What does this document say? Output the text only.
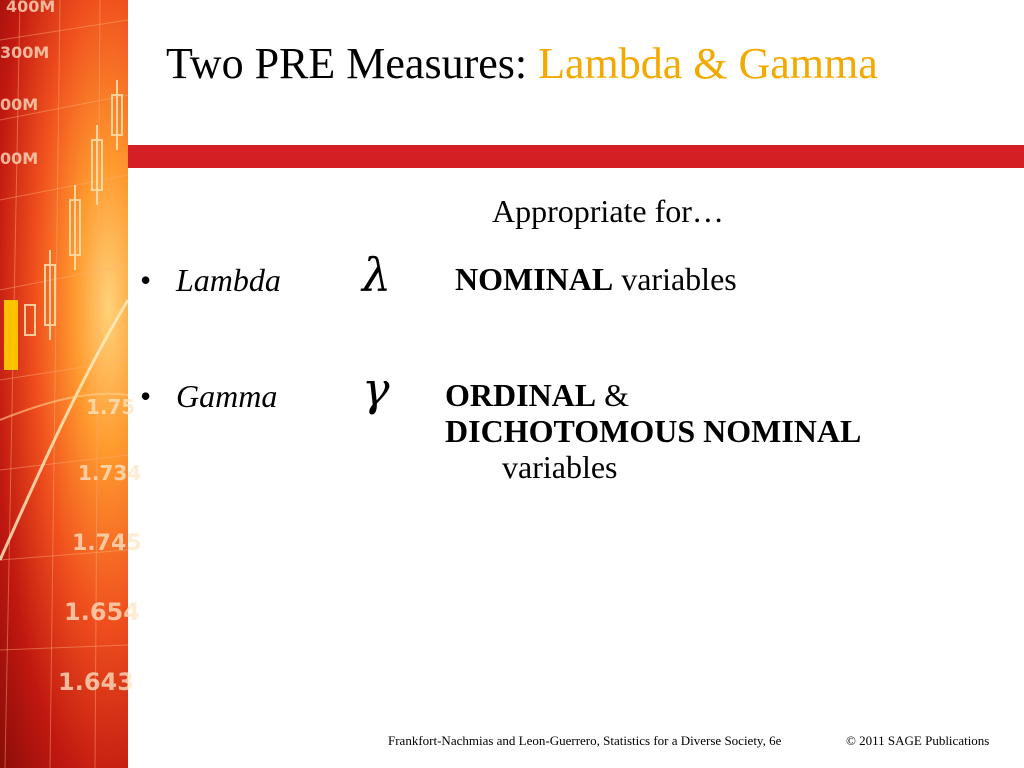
400M
300M
00M
00M
1.75
1.734
1.745
1.654
1.643
Two PRE Measures: Lambda & Gamma
Appropriate for…
• Lambda λ NOMINAL variables
• Gamma γ ORDINAL &
DICHOTOMOUS NOMINAL
variables
Frankfort-Nachmias and Leon-Guerrero, Statistics for a Diverse Society, 6e	© 2011 SAGE Publications
